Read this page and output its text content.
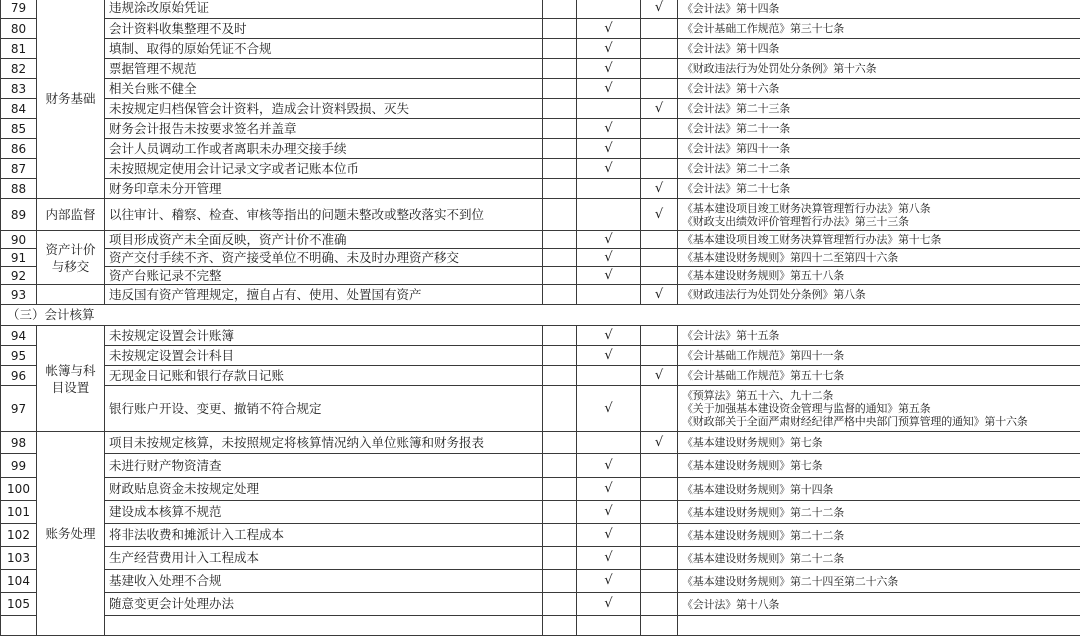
79	财务基础	违规涂改原始凭证			√	《会计法》第十四条

80		会计资料收集整理不及时		√		《会计基础工作规范》第三十七条

81		填制、取得的原始凭证不合规		√		《会计法》第十四条

82		票据管理不规范		√		《财政违法行为处罚处分条例》第十六条

83		相关台账不健全		√		《会计法》第十六条

84		未按规定归档保管会计资料，造成会计资料毁损、灭失			√	《会计法》第二十三条

85		财务会计报告未按要求签名并盖章		√		《会计法》第二十一条

86		会计人员调动工作或者离职未办理交接手续		√		《会计法》第四十一条

87		未按照规定使用会计记录文字或者记账本位币		√		《会计法》第二十二条

88		财务印章未分开管理			√	《会计法》第二十七条

89	内部监督	以往审计、稽察、检查、审核等指出的问题未整改或整改落实不到位			√	《基本建设项目竣工财务决算管理暂行办法》第八条
《财政支出绩效评价管理暂行办法》第三十三条

90	资产计价与移交	项目形成资产未全面反映，资产计价不准确		√		《基本建设项目竣工财务决算管理暂行办法》第十七条

91		资产交付手续不齐、资产接受单位不明确、未及时办理资产移交		√		《基本建设财务规则》第四十二至第四十六条

92		资产台账记录不完整		√		《基本建设财务规则》第五十八条

93		违反国有资产管理规定，擅自占有、使用、处置国有资产			√	《财政违法行为处罚处分条例》第八条

（三）会计核算						
94	帐簿与科目设置	未按规定设置会计账簿		√		《会计法》第十五条

95		未按规定设置会计科目		√		《会计基础工作规范》第四十一条

96		无现金日记账和银行存款日记账			√	《会计基础工作规范》第五十七条

97		银行账户开设、变更、撤销不符合规定		√		《预算法》第五十六、九十二条
《关于加强基本建设资金管理与监督的通知》第五条
《财政部关于全面严肃财经纪律严格中央部门预算管理的通知》第十六条

98	账务处理	项目未按规定核算，未按照规定将核算情况纳入单位账簿和财务报表			√	《基本建设财务规则》第七条

99		未进行财产物资清查		√		《基本建设财务规则》第七条

100		财政贴息资金未按规定处理		√		《基本建设财务规则》第十四条

101		建设成本核算不规范		√		《基本建设财务规则》第二十二条

102		将非法收费和摊派计入工程成本		√		《基本建设财务规则》第二十二条

103		生产经营费用计入工程成本		√		《基本建设财务规则》第二十二条

104		基建收入处理不合规		√		《基本建设财务规则》第二十四至第二十六条

105		随意变更会计处理办法		√		《会计法》第十八条
